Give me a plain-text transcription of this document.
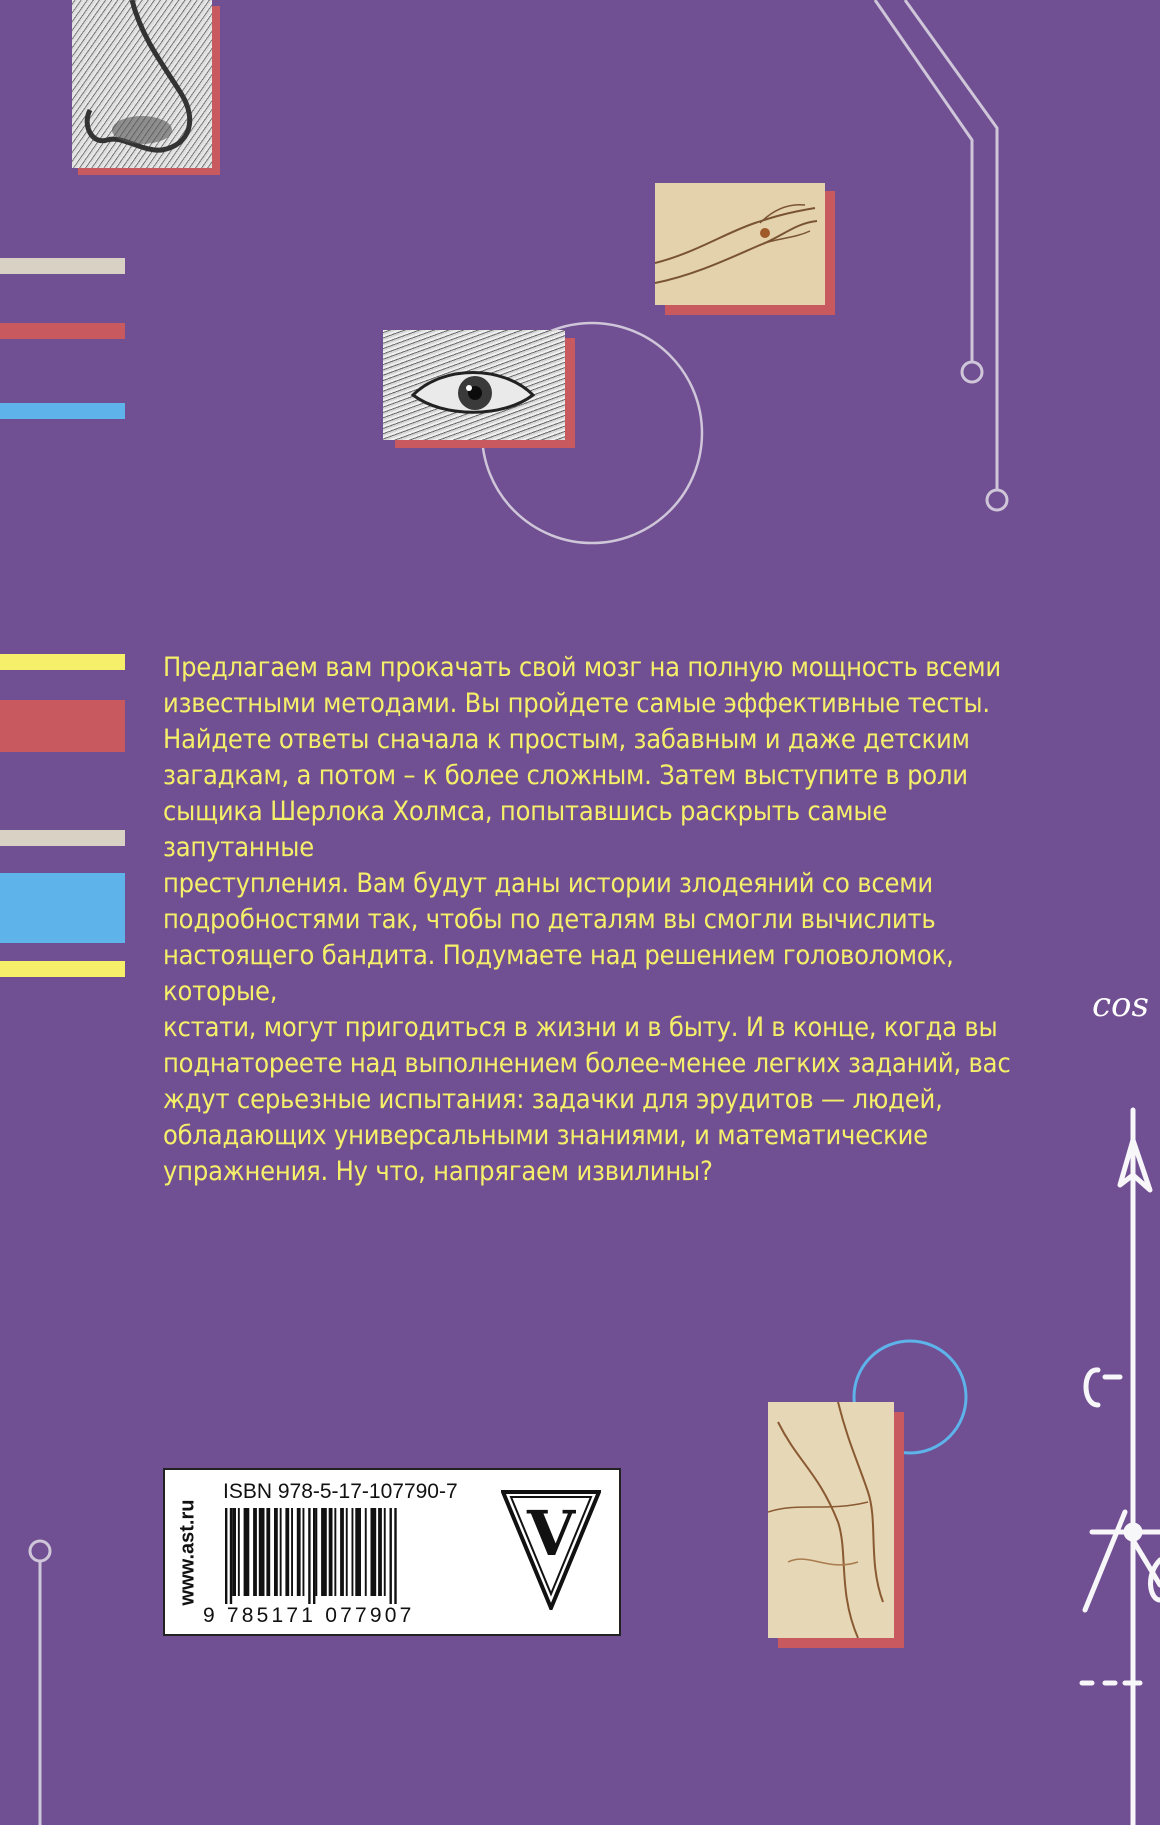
cos

Предлагаем вам прокачать свой мозг на полную мощность всеми

известными методами. Вы пройдете самые эффективные тесты.

Найдете ответы сначала к простым, забавным и даже детским

загадкам, а потом – к более сложным. Затем выступите в роли

сыщика Шерлока Холмса, попытавшись раскрыть самые запутанные

преступления. Вам будут даны истории злодеяний со всеми

подробностями так, чтобы по деталям вы смогли вычислить

настоящего бандита. Подумаете над решением головоломок, которые,

кстати, могут пригодиться в жизни и в быту. И в конце, когда вы

поднатореете над выполнением более-менее легких заданий, вас

ждут серьезные испытания: задачки для эрудитов — людей,

обладающих универсальными знаниями, и математические

упражнения. Ну что, напрягаем извилины?

www.ast.ru
ISBN 978-5-17-107790-7
9 785171 077907
V
